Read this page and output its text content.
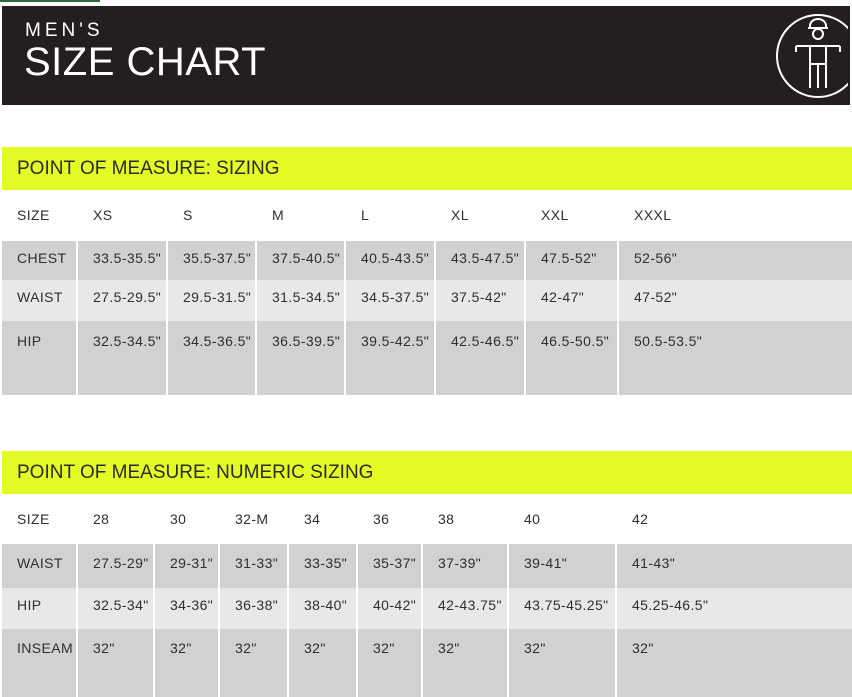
MEN'S
SIZE CHART
POINT OF MEASURE: SIZING
SIZE	XS	S	M	L	XL	XXL	XXXL
CHEST	33.5-35.5"	35.5-37.5"	37.5-40.5"	40.5-43.5"	43.5-47.5"	47.5-52"	52-56"
WAIST	27.5-29.5"	29.5-31.5"	31.5-34.5"	34.5-37.5"	37.5-42"	42-47"	47-52"
HIP	32.5-34.5"	34.5-36.5"	36.5-39.5"	39.5-42.5"	42.5-46.5"	46.5-50.5"	50.5-53.5"
POINT OF MEASURE: NUMERIC SIZING
SIZE	28	30	32-M	34	36	38	40	42
WAIST	27.5-29"	29-31"	31-33"	33-35"	35-37"	37-39"	39-41"	41-43"
HIP	32.5-34"	34-36"	36-38"	38-40"	40-42"	42-43.75"	43.75-45.25"	45.25-46.5"
INSEAM	32"	32"	32"	32"	32"	32"	32"	32"
